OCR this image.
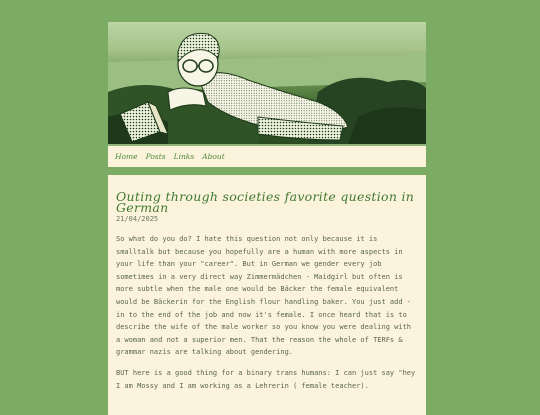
Home Posts Links About
Outing through societies favorite question in German
21/04/2025

So what do you do? I hate this question not only because it is smalltalk but because you hopefully are a human with more aspects in your life than your "career". But in German we gender every job sometimes in a very direct way Zimmermädchen - Maidgirl but often is more subtle when the male one would be Bäcker the female equivalent would be Bäckerin for the English flour handling baker. You just add -in to the end of the job and now it's female. I once heard that is to describe the wife of the male worker so you know you were dealing with a woman and not a superior men. That the reason the whole of TERFs & grammar nazis are talking about gendering.

BUT here is a good thing for a binary trans humans: I can just say "hey I am Mossy and I am working as a Lehrerin ( female teacher).
